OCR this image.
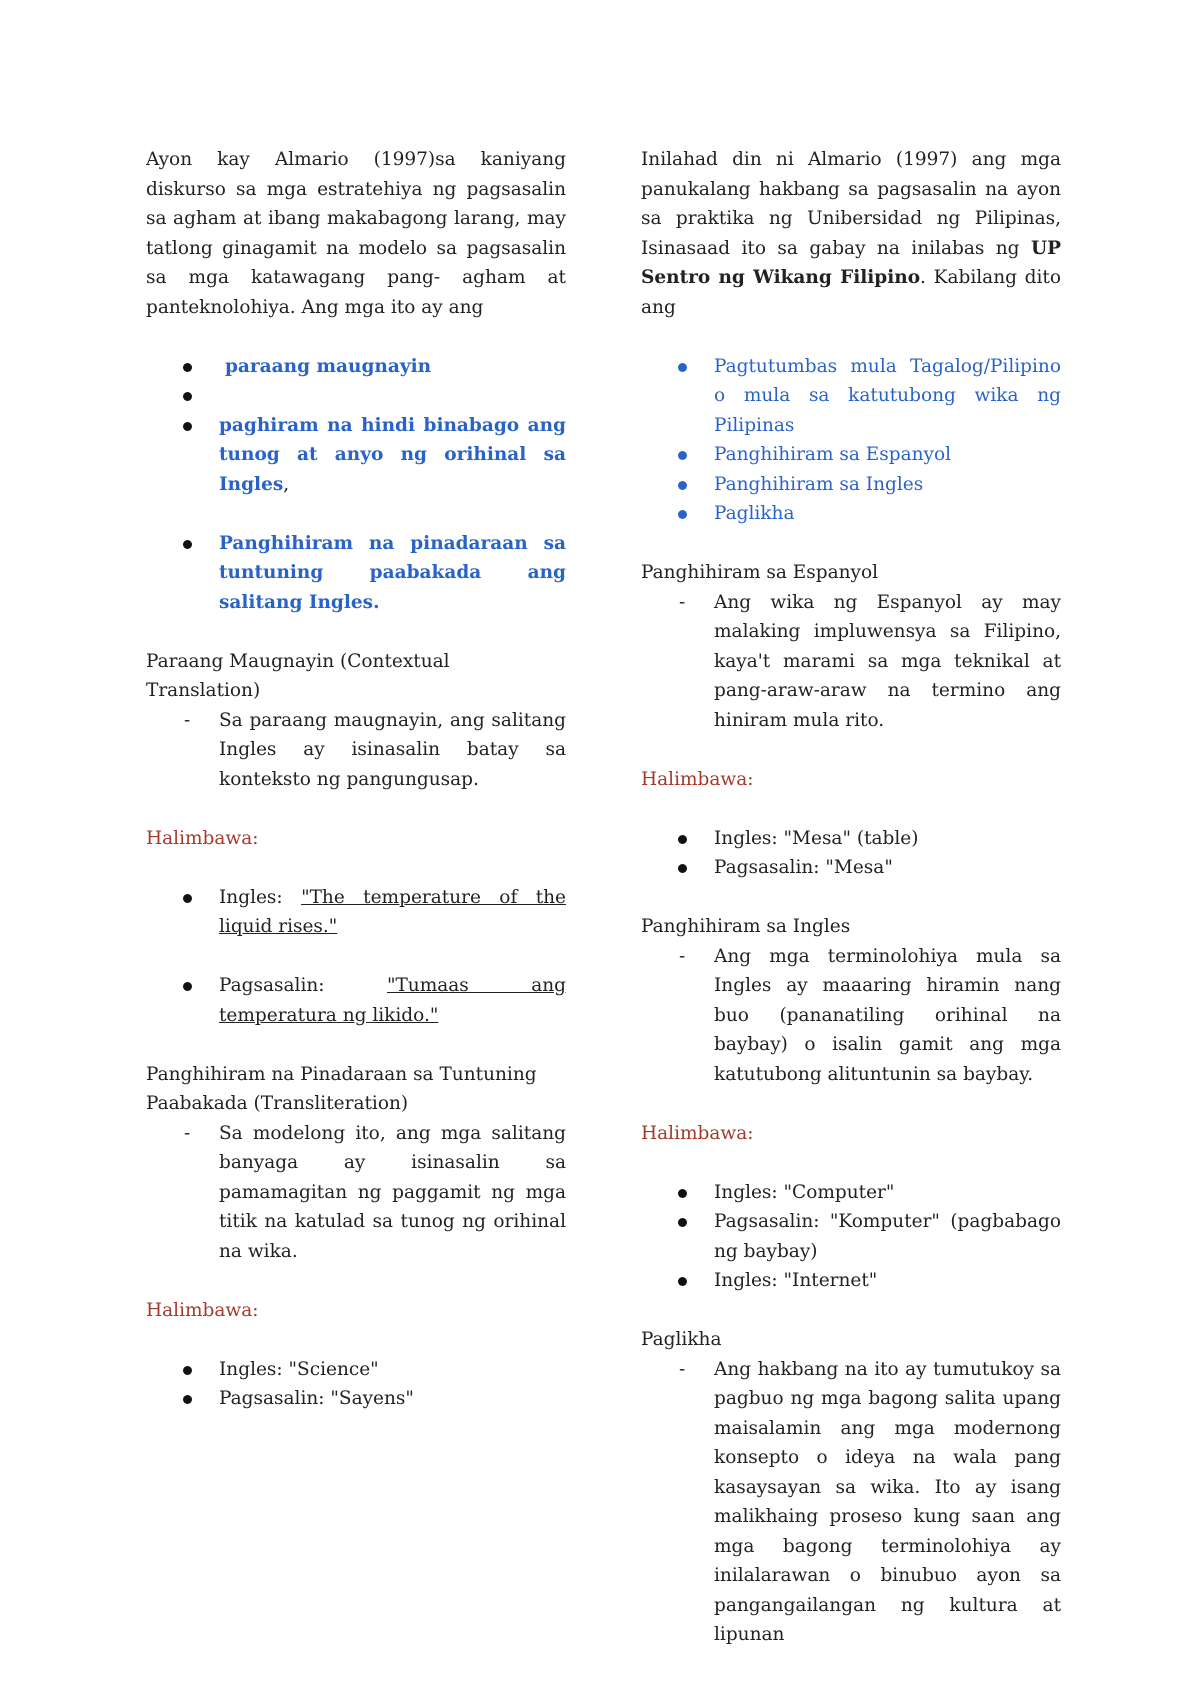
Ayon kay Almario (1997)sa kaniyang diskurso sa mga estratehiya ng pagsasalin sa agham at ibang makabagong larang, may tatlong ginagamit na modelo sa pagsasalin sa mga katawagang pang- agham at panteknolohiya. Ang mga ito ay ang

paraang maugnayin
paghiram na hindi binabago ang tunog at anyo ng orihinal sa Ingles,
Panghihiram na pinadaraan sa tuntuning paabakada ang salitang Ingles.

Paraang Maugnayin (Contextual Translation)

- Sa paraang maugnayin, ang salitang Ingles ay isinasalin batay sa konteksto ng pangungusap.

Halimbawa:

Ingles: "The temperature of the liquid rises."
Pagsasalin: "Tumaas ang temperatura ng likido."

Panghihiram na Pinadaraan sa Tuntuning Paabakada (Transliteration)

- Sa modelong ito, ang mga salitang banyaga ay isinasalin sa pamamagitan ng paggamit ng mga titik na katulad sa tunog ng orihinal na wika.

Halimbawa:

Ingles: "Science"
Pagsasalin: "Sayens"

Inilahad din ni Almario (1997) ang mga panukalang hakbang sa pagsasalin na ayon sa praktika ng Unibersidad ng Pilipinas, Isinasaad ito sa gabay na inilabas ng UP Sentro ng Wikang Filipino. Kabilang dito ang

Pagtutumbas mula Tagalog/Pilipino o mula sa katutubong wika ng Pilipinas
Panghihiram sa Espanyol
Panghihiram sa Ingles
Paglikha

Panghihiram sa Espanyol

- Ang wika ng Espanyol ay may malaking impluwensya sa Filipino, kaya't marami sa mga teknikal at pang-araw-araw na termino ang hiniram mula rito.

Halimbawa:

Ingles: "Mesa" (table)
Pagsasalin: "Mesa"

Panghihiram sa Ingles

- Ang mga terminolohiya mula sa Ingles ay maaaring hiramin nang buo (pananatiling orihinal na baybay) o isalin gamit ang mga katutubong alituntunin sa baybay.

Halimbawa:

Ingles: "Computer"
Pagsasalin: "Komputer" (pagbabago ng baybay)
Ingles: "Internet"

Paglikha

- Ang hakbang na ito ay tumutukoy sa pagbuo ng mga bagong salita upang maisalamin ang mga modernong konsepto o ideya na wala pang kasaysayan sa wika. Ito ay isang malikhaing proseso kung saan ang mga bagong terminolohiya ay inilalarawan o binubuo ayon sa pangangailangan ng kultura at lipunan
